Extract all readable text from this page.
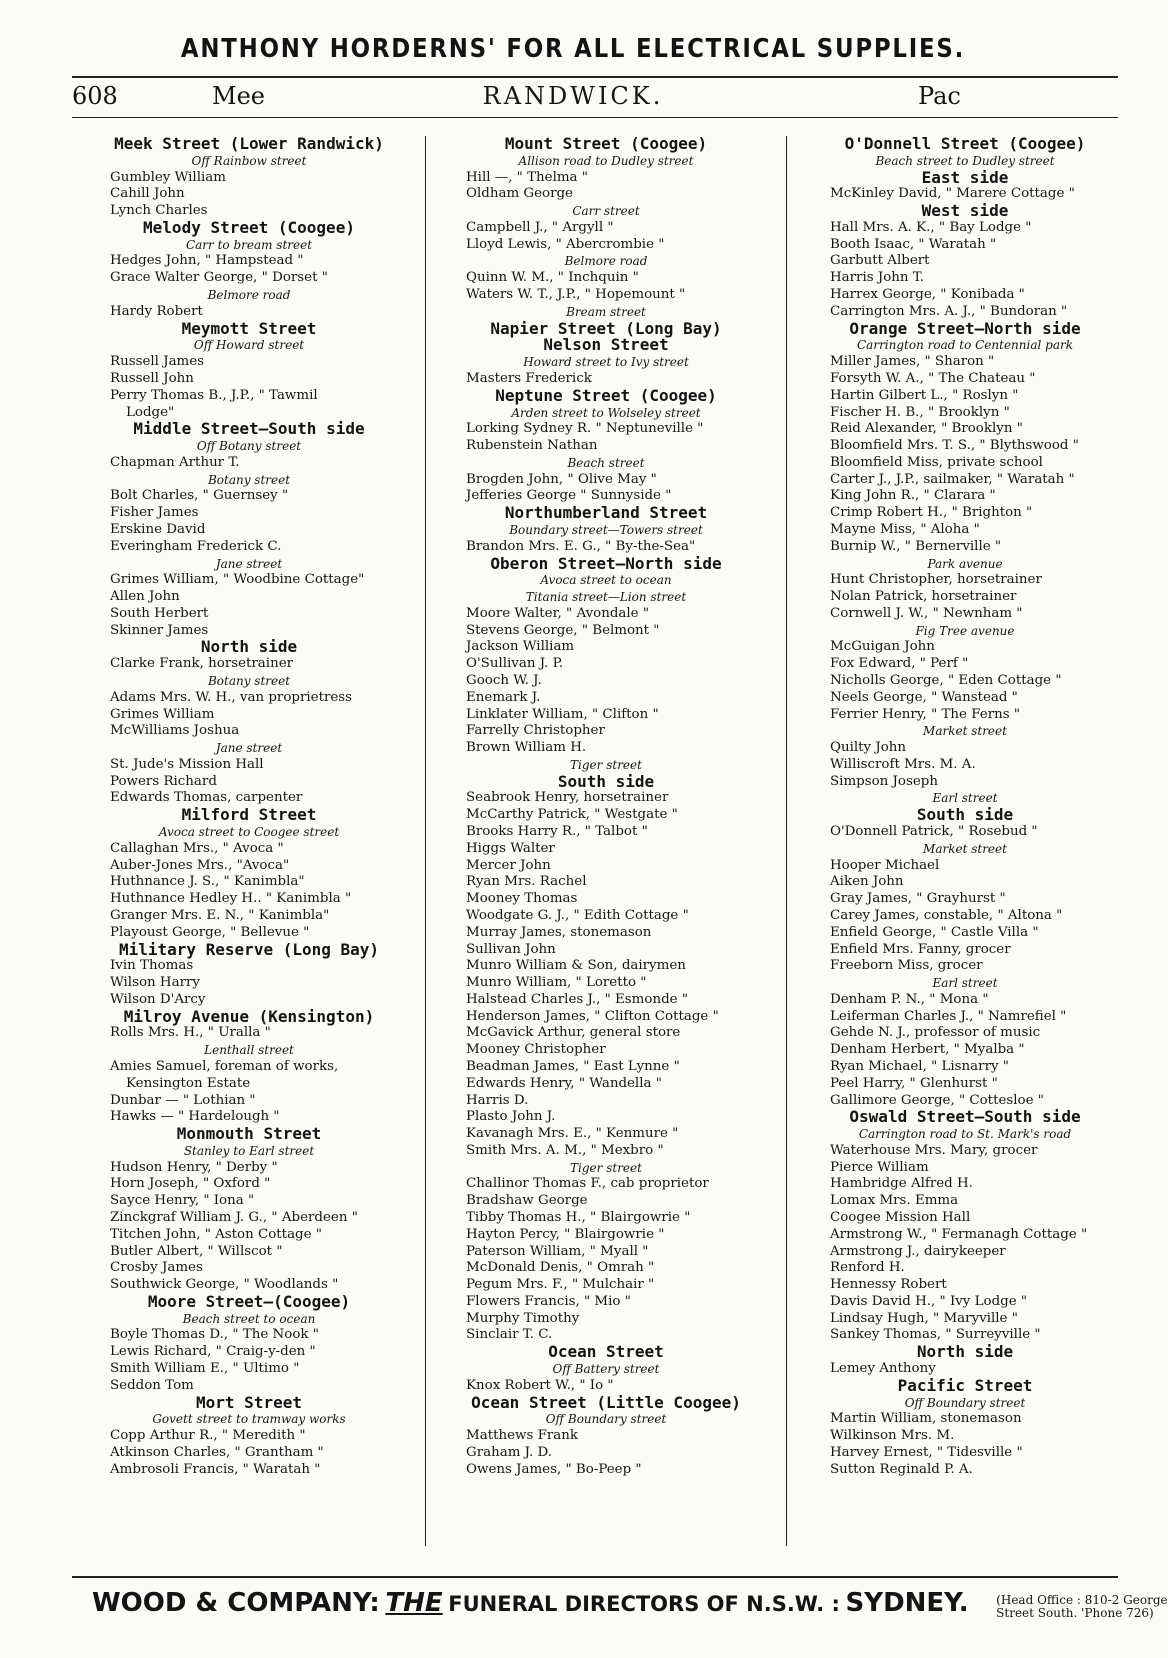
ANTHONY HORDERNS' FOR ALL ELECTRICAL SUPPLIES.
608	RANDWICK.
Mee	Pac
Meek Street (Lower Randwick)
Off Rainbow street
Gumbley William
Cahill John
Lynch Charles
Melody Street (Coogee)
Carr to bream street
Hedges John, " Hampstead "
Grace Walter George, " Dorset "
Belmore road
Hardy Robert
Meymott Street
Off Howard street
Russell James
Russell John
Perry Thomas B., J.P., " Tawmil
Lodge"
Middle Street—South side
Off Botany street
Chapman Arthur T.
Botany street
Bolt Charles, " Guernsey "
Fisher James
Erskine David
Everingham Frederick C.
Jane street
Grimes William, " Woodbine Cottage"
Allen John
South Herbert
Skinner James
North side
Clarke Frank, horsetrainer
Botany street
Adams Mrs. W. H., van proprietress
Grimes William
McWilliams Joshua
Jane street
St. Jude's Mission Hall
Powers Richard
Edwards Thomas, carpenter
Milford Street
Avoca street to Coogee street
Callaghan Mrs., " Avoca "
Auber-Jones Mrs., "Avoca"
Huthnance J. S., " Kanimbla"
Huthnance Hedley H.. " Kanimbla "
Granger Mrs. E. N., " Kanimbla"
Playoust George, " Bellevue "
Military Reserve (Long Bay)
Ivin Thomas
Wilson Harry
Wilson D'Arcy
Milroy Avenue (Kensington)
Rolls Mrs. H., " Uralla "
Lenthall street
Amies Samuel, foreman of works,
Kensington Estate
Dunbar — " Lothian "
Hawks — " Hardelough "
Monmouth Street
Stanley to Earl street
Hudson Henry, " Derby "
Horn Joseph, " Oxford "
Sayce Henry, " Iona "
Zinckgraf William J. G., " Aberdeen "
Titchen John, " Aston Cottage "
Butler Albert, " Willscot "
Crosby James
Southwick George, " Woodlands "
Moore Street—(Coogee)
Beach street to ocean
Boyle Thomas D., " The Nook "
Lewis Richard, " Craig-y-den "
Smith William E., " Ultimo "
Seddon Tom
Mort Street
Govett street to tramway works
Copp Arthur R., " Meredith "
Atkinson Charles, " Grantham "
Ambrosoli Francis, " Waratah "
Mount Street (Coogee)
Allison road to Dudley street
Hill —, " Thelma "
Oldham George
Carr street
Campbell J., " Argyll "
Lloyd Lewis, " Abercrombie "
Belmore road
Quinn W. M., " Inchquin "
Waters W. T., J.P., " Hopemount "
Bream street
Napier Street (Long Bay)
Nelson Street
Howard street to Ivy street
Masters Frederick
Neptune Street (Coogee)
Arden street to Wolseley street
Lorking Sydney R. " Neptuneville "
Rubenstein Nathan
Beach street
Brogden John, " Olive May "
Jefferies George " Sunnyside "
Northumberland Street
Boundary street—Towers street
Brandon Mrs. E. G., " By-the-Sea"
Oberon Street—North side
Avoca street to ocean
Titania street—Lion street
Moore Walter, " Avondale "
Stevens George, " Belmont "
Jackson William
O'Sullivan J. P.
Gooch W. J.
Enemark J.
Linklater William, " Clifton "
Farrelly Christopher
Brown William H.
Tiger street
South side
Seabrook Henry, horsetrainer
McCarthy Patrick, " Westgate "
Brooks Harry R., " Talbot "
Higgs Walter
Mercer John
Ryan Mrs. Rachel
Mooney Thomas
Woodgate G. J., " Edith Cottage "
Murray James, stonemason
Sullivan John
Munro William & Son, dairymen
Munro William, " Loretto "
Halstead Charles J., " Esmonde "
Henderson James, " Clifton Cottage "
McGavick Arthur, general store
Mooney Christopher
Beadman James, " East Lynne "
Edwards Henry, " Wandella "
Harris D.
Plasto John J.
Kavanagh Mrs. E., " Kenmure "
Smith Mrs. A. M., " Mexbro "
Tiger street
Challinor Thomas F., cab proprietor
Bradshaw George
Tibby Thomas H., " Blairgowrie "
Hayton Percy, " Blairgowrie "
Paterson William, " Myall "
McDonald Denis, " Omrah "
Pegum Mrs. F., " Mulchair "
Flowers Francis, " Mio "
Murphy Timothy
Sinclair T. C.
Ocean Street
Off Battery street
Knox Robert W., " Io "
Ocean Street (Little Coogee)
Off Boundary street
Matthews Frank
Graham J. D.
Owens James, " Bo-Peep "
O'Donnell Street (Coogee)
Beach street to Dudley street
East side
McKinley David, " Marere Cottage "
West side
Hall Mrs. A. K., " Bay Lodge "
Booth Isaac, " Waratah "
Garbutt Albert
Harris John T.
Harrex George, " Konibada "
Carrington Mrs. A. J., " Bundoran "
Orange Street—North side
Carrington road to Centennial park
Miller James, " Sharon "
Forsyth W. A., " The Chateau "
Hartin Gilbert L., " Roslyn "
Fischer H. B., " Brooklyn "
Reid Alexander, " Brooklyn "
Bloomfield Mrs. T. S., " Blythswood "
Bloomfield Miss, private school
Carter J., J.P., sailmaker, " Waratah "
King John R., " Clarara "
Crimp Robert H., " Brighton "
Mayne Miss, " Aloha "
Burnip W., " Bernerville "
Park avenue
Hunt Christopher, horsetrainer
Nolan Patrick, horsetrainer
Cornwell J. W., " Newnham "
Fig Tree avenue
McGuigan John
Fox Edward, " Perf "
Nicholls George, " Eden Cottage "
Neels George, " Wanstead "
Ferrier Henry, " The Ferns "
Market street
Quilty John
Williscroft Mrs. M. A.
Simpson Joseph
Earl street
South side
O'Donnell Patrick, " Rosebud "
Market street
Hooper Michael
Aiken John
Gray James, " Grayhurst "
Carey James, constable, " Altona "
Enfield George, " Castle Villa "
Enfield Mrs. Fanny, grocer
Freeborn Miss, grocer
Earl street
Denham P. N., " Mona "
Leiferman Charles J., " Namrefiel "
Gehde N. J., professor of music
Denham Herbert, " Myalba "
Ryan Michael, " Lisnarry "
Peel Harry, " Glenhurst "
Gallimore George, " Cottesloe "
Oswald Street—South side
Carrington road to St. Mark's road
Waterhouse Mrs. Mary, grocer
Pierce William
Hambridge Alfred H.
Lomax Mrs. Emma
Coogee Mission Hall
Armstrong W., " Fermanagh Cottage "
Armstrong J., dairykeeper
Renford H.
Hennessy Robert
Davis David H., " Ivy Lodge "
Lindsay Hugh, " Maryville "
Sankey Thomas, " Surreyville "
North side
Lemey Anthony
Pacific Street
Off Boundary street
Martin William, stonemason
Wilkinson Mrs. M.
Harvey Ernest, " Tidesville "
Sutton Reginald P. A.
WOOD & COMPANY: THE FUNERAL DIRECTORS OF N.S.W. : SYDNEY. (Head Office : 810-2 George
Street South. 'Phone 726)
